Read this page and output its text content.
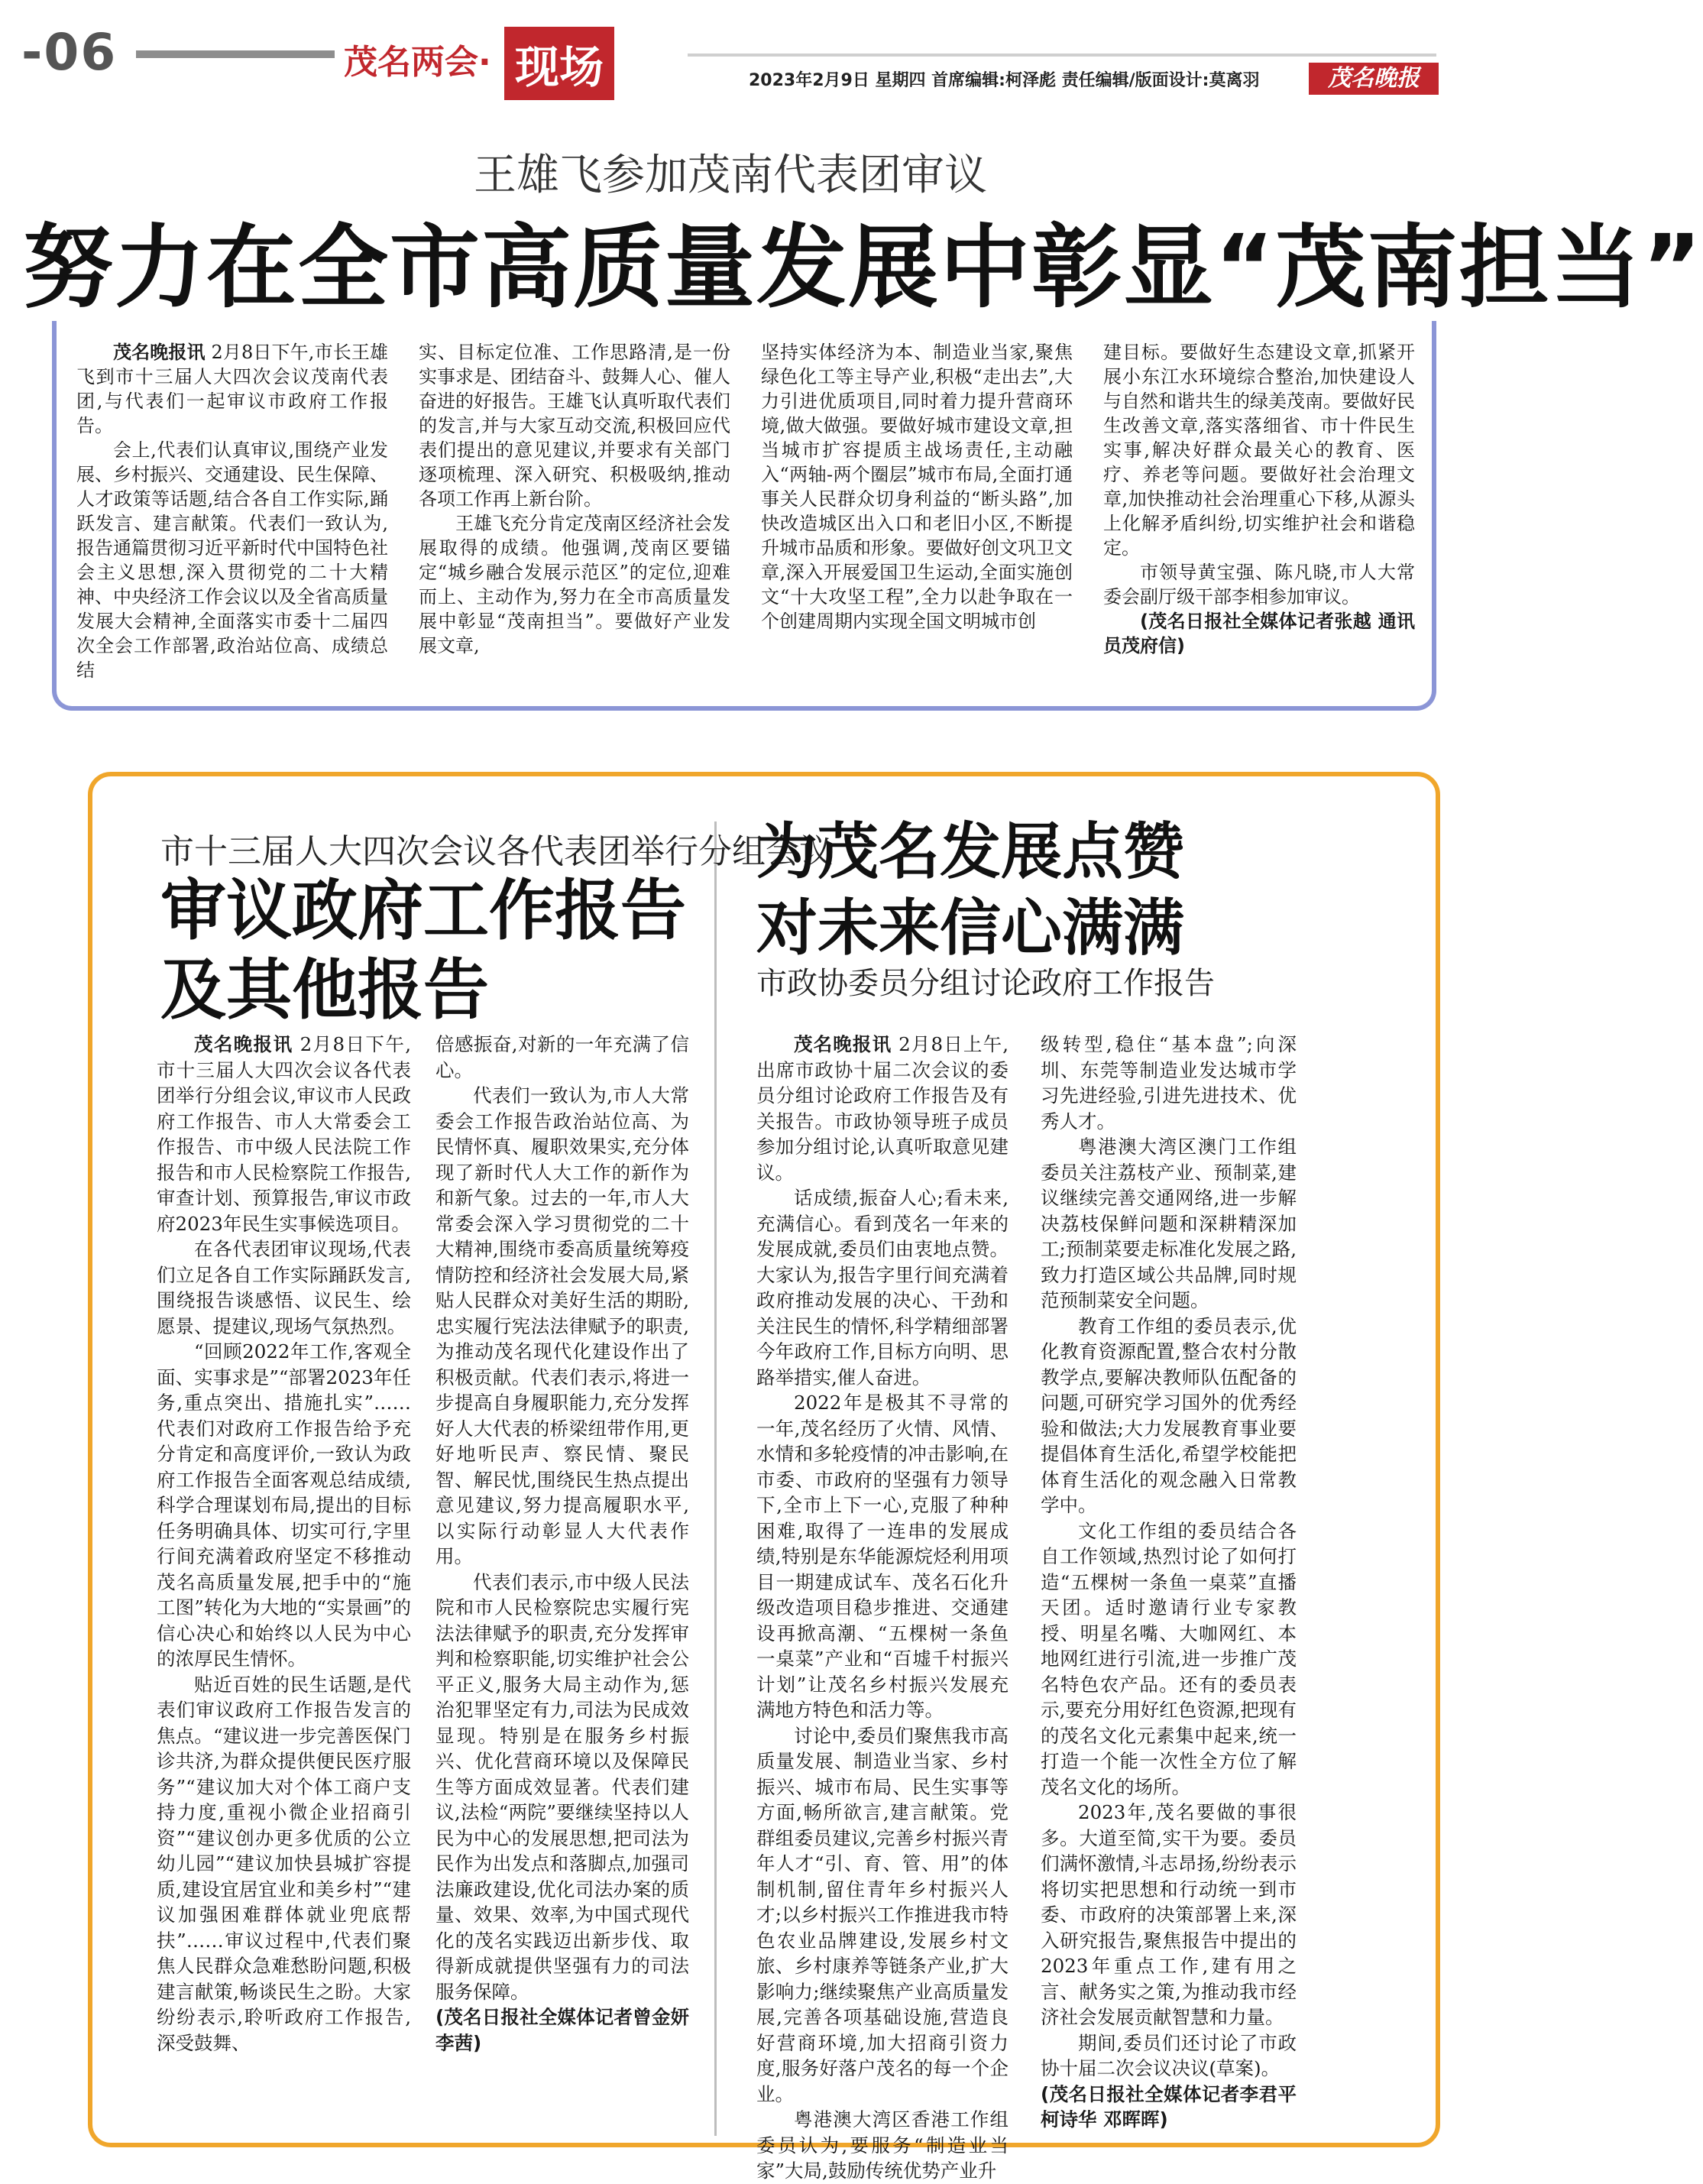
-06	茂名两会· 现场	2023年2月9日 星期四 首席编辑:柯泽彪 责任编辑/版面设计:莫离羽	茂名晚报
王雄飞参加茂南代表团审议
努力在全市高质量发展中彰显“茂南担当”

茂名晚报讯 2月8日下午,市长王雄飞到市十三届人大四次会议茂南代表团,与代表们一起审议市政府工作报告。

会上,代表们认真审议,围绕产业发展、乡村振兴、交通建设、民生保障、人才政策等话题,结合各自工作实际,踊跃发言、建言献策。代表们一致认为,报告通篇贯彻习近平新时代中国特色社会主义思想,深入贯彻党的二十大精神、中央经济工作会议以及全省高质量发展大会精神,全面落实市委十二届四次全会工作部署,政治站位高、成绩总结

实、目标定位准、工作思路清,是一份实事求是、团结奋斗、鼓舞人心、催人奋进的好报告。王雄飞认真听取代表们的发言,并与大家互动交流,积极回应代表们提出的意见建议,并要求有关部门逐项梳理、深入研究、积极吸纳,推动各项工作再上新台阶。

王雄飞充分肯定茂南区经济社会发展取得的成绩。他强调,茂南区要锚定“城乡融合发展示范区”的定位,迎难而上、主动作为,努力在全市高质量发展中彰显“茂南担当”。要做好产业发展文章,

坚持实体经济为本、制造业当家,聚焦绿色化工等主导产业,积极“走出去”,大力引进优质项目,同时着力提升营商环境,做大做强。要做好城市建设文章,担当城市扩容提质主战场责任,主动融入“两轴-两个圈层”城市布局,全面打通事关人民群众切身利益的“断头路”,加快改造城区出入口和老旧小区,不断提升城市品质和形象。要做好创文巩卫文章,深入开展爱国卫生运动,全面实施创文“十大攻坚工程”,全力以赴争取在一个创建周期内实现全国文明城市创

建目标。要做好生态建设文章,抓紧开展小东江水环境综合整治,加快建设人与自然和谐共生的绿美茂南。要做好民生改善文章,落实落细省、市十件民生实事,解决好群众最关心的教育、医疗、养老等问题。要做好社会治理文章,加快推动社会治理重心下移,从源头上化解矛盾纠纷,切实维护社会和谐稳定。

市领导黄宝强、陈凡晓,市人大常委会副厅级干部李相参加审议。

(茂名日报社全媒体记者张越 通讯员茂府信)

市十三届人大四次会议各代表团举行分组会议
审议政府工作报告
及其他报告

茂名晚报讯 2月8日下午,市十三届人大四次会议各代表团举行分组会议,审议市人民政府工作报告、市人大常委会工作报告、市中级人民法院工作报告和市人民检察院工作报告,审查计划、预算报告,审议市政府2023年民生实事候选项目。

在各代表团审议现场,代表们立足各自工作实际踊跃发言,围绕报告谈感悟、议民生、绘愿景、提建议,现场气氛热烈。

“回顾2022年工作,客观全面、实事求是”“部署2023年任务,重点突出、措施扎实”……代表们对政府工作报告给予充分肯定和高度评价,一致认为政府工作报告全面客观总结成绩,科学合理谋划布局,提出的目标任务明确具体、切实可行,字里行间充满着政府坚定不移推动茂名高质量发展,把手中的“施工图”转化为大地的“实景画”的信心决心和始终以人民为中心的浓厚民生情怀。

贴近百姓的民生话题,是代表们审议政府工作报告发言的焦点。“建议进一步完善医保门诊共济,为群众提供便民医疗服务”“建议加大对个体工商户支持力度,重视小微企业招商引资”“建议创办更多优质的公立幼儿园”“建议加快县城扩容提质,建设宜居宜业和美乡村”“建议加强困难群体就业兜底帮扶”……审议过程中,代表们聚焦人民群众急难愁盼问题,积极建言献策,畅谈民生之盼。大家纷纷表示,聆听政府工作报告,深受鼓舞、

倍感振奋,对新的一年充满了信心。

代表们一致认为,市人大常委会工作报告政治站位高、为民情怀真、履职效果实,充分体现了新时代人大工作的新作为和新气象。过去的一年,市人大常委会深入学习贯彻党的二十大精神,围绕市委高质量统筹疫情防控和经济社会发展大局,紧贴人民群众对美好生活的期盼,忠实履行宪法法律赋予的职责,为推动茂名现代化建设作出了积极贡献。代表们表示,将进一步提高自身履职能力,充分发挥好人大代表的桥梁纽带作用,更好地听民声、察民情、聚民智、解民忧,围绕民生热点提出意见建议,努力提高履职水平,以实际行动彰显人大代表作用。

代表们表示,市中级人民法院和市人民检察院忠实履行宪法法律赋予的职责,充分发挥审判和检察职能,切实维护社会公平正义,服务大局主动作为,惩治犯罪坚定有力,司法为民成效显现。特别是在服务乡村振兴、优化营商环境以及保障民生等方面成效显著。代表们建议,法检“两院”要继续坚持以人民为中心的发展思想,把司法为民作为出发点和落脚点,加强司法廉政建设,优化司法办案的质量、效果、效率,为中国式现代化的茂名实践迈出新步伐、取得新成就提供坚强有力的司法服务保障。

(茂名日报社全媒体记者曾金妍 李茜)

为茂名发展点赞
对未来信心满满
市政协委员分组讨论政府工作报告

茂名晚报讯 2月8日上午,出席市政协十届二次会议的委员分组讨论政府工作报告及有关报告。市政协领导班子成员参加分组讨论,认真听取意见建议。

话成绩,振奋人心;看未来,充满信心。看到茂名一年来的发展成就,委员们由衷地点赞。大家认为,报告字里行间充满着政府推动发展的决心、干劲和关注民生的情怀,科学精细部署今年政府工作,目标方向明、思路举措实,催人奋进。

2022年是极其不寻常的一年,茂名经历了火情、风情、水情和多轮疫情的冲击影响,在市委、市政府的坚强有力领导下,全市上下一心,克服了种种困难,取得了一连串的发展成绩,特别是东华能源烷烃利用项目一期建成试车、茂名石化升级改造项目稳步推进、交通建设再掀高潮、“五棵树一条鱼一桌菜”产业和“百墟千村振兴计划”让茂名乡村振兴发展充满地方特色和活力等。

讨论中,委员们聚焦我市高质量发展、制造业当家、乡村振兴、城市布局、民生实事等方面,畅所欲言,建言献策。党群组委员建议,完善乡村振兴青年人才“引、育、管、用”的体制机制,留住青年乡村振兴人才;以乡村振兴工作推进我市特色农业品牌建设,发展乡村文旅、乡村康养等链条产业,扩大影响力;继续聚焦产业高质量发展,完善各项基础设施,营造良好营商环境,加大招商引资力度,服务好落户茂名的每一个企业。

粤港澳大湾区香港工作组委员认为,要服务“制造业当家”大局,鼓励传统优势产业升

级转型,稳住“基本盘”;向深圳、东莞等制造业发达城市学习先进经验,引进先进技术、优秀人才。

粤港澳大湾区澳门工作组委员关注荔枝产业、预制菜,建议继续完善交通网络,进一步解决荔枝保鲜问题和深耕精深加工;预制菜要走标准化发展之路,致力打造区域公共品牌,同时规范预制菜安全问题。

教育工作组的委员表示,优化教育资源配置,整合农村分散教学点,要解决教师队伍配备的问题,可研究学习国外的优秀经验和做法;大力发展教育事业要提倡体育生活化,希望学校能把体育生活化的观念融入日常教学中。

文化工作组的委员结合各自工作领域,热烈讨论了如何打造“五棵树一条鱼一桌菜”直播天团。适时邀请行业专家教授、明星名嘴、大咖网红、本地网红进行引流,进一步推广茂名特色农产品。还有的委员表示,要充分用好红色资源,把现有的茂名文化元素集中起来,统一打造一个能一次性全方位了解茂名文化的场所。

2023年,茂名要做的事很多。大道至简,实干为要。委员们满怀激情,斗志昂扬,纷纷表示将切实把思想和行动统一到市委、市政府的决策部署上来,深入研究报告,聚焦报告中提出的2023年重点工作,建有用之言、献务实之策,为推动我市经济社会发展贡献智慧和力量。

期间,委员们还讨论了市政协十届二次会议决议(草案)。

(茂名日报社全媒体记者李君平 柯诗华 邓晖晖)
